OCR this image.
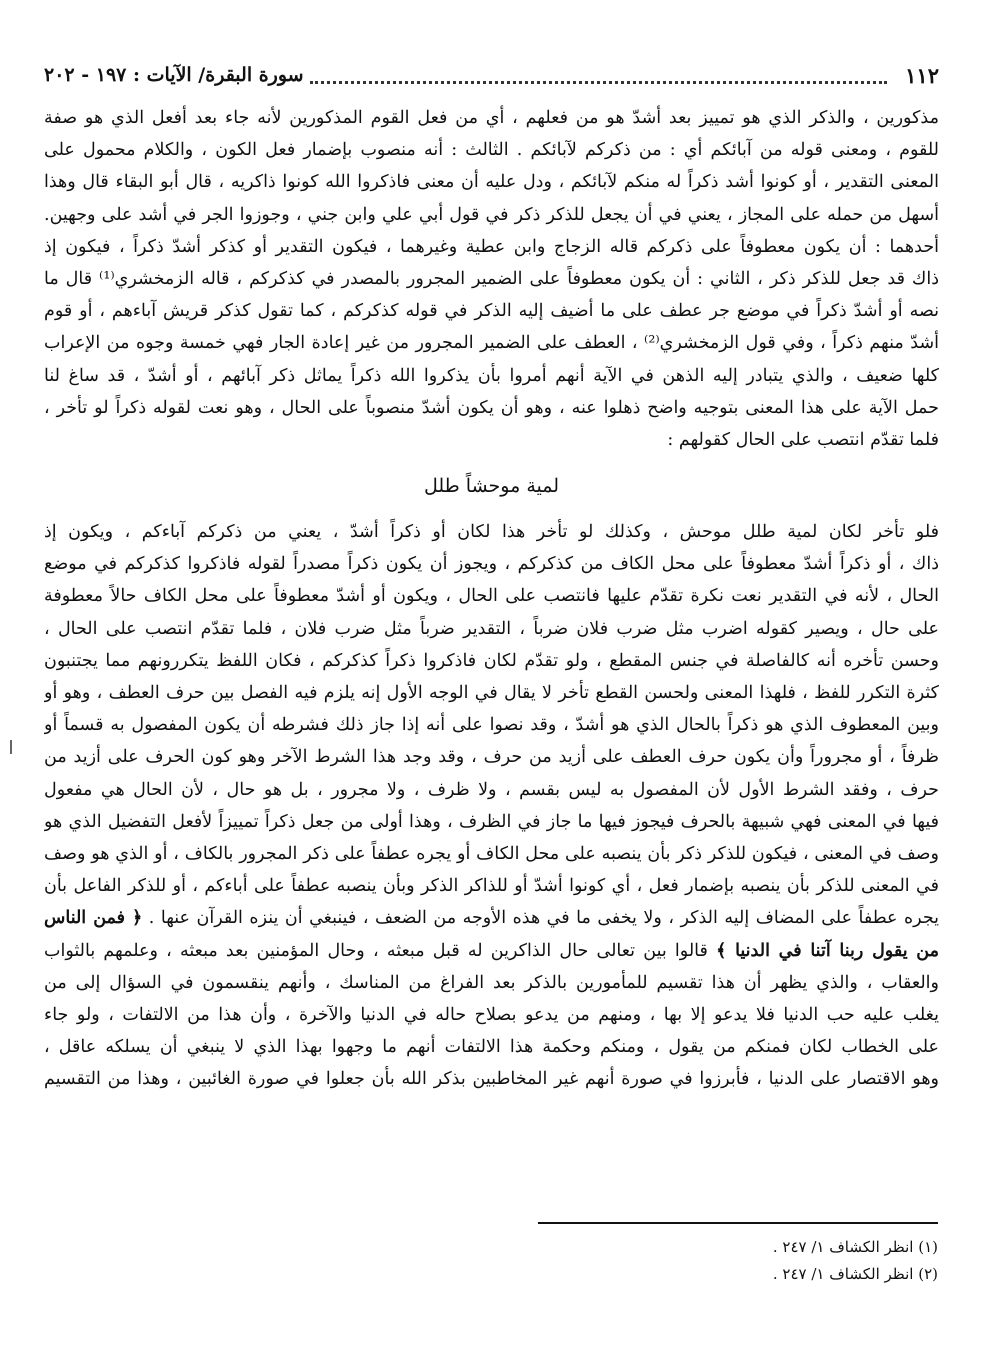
١١٢
سورة البقرة/ الآيات : ١٩٧ - ٢٠٢
مذكورين ، والذكر الذي هو تمييز بعد أشدّ هو من فعلهم ، أي من فعل القوم المذكورين لأنه جاء بعد أفعل الذي هو صفة
للقوم ، ومعنى قوله من آبائكم أي : من ذكركم لآبائكم . الثالث : أنه منصوب بإضمار فعل الكون ، والكلام محمول على
المعنى التقدير ، أو كونوا أشد ذكراً له منكم لآبائكم ، ودل عليه أن معنى فاذكروا الله كونوا ذاكريه ، قال أبو البقاء قال وهذا
أسهل من حمله على المجاز ، يعني في أن يجعل للذكر ذكر في قول أبي علي وابن جني ، وجوزوا الجر في أشد على وجهين.
أحدهما : أن يكون معطوفاً على ذكركم قاله الزجاج وابن عطية وغيرهما ، فيكون التقدير أو كذكر أشدّ ذكراً ، فيكون إذ
ذاك قد جعل للذكر ذكر ، الثاني : أن يكون معطوفاً على الضمير المجرور بالمصدر في كذكركم ، قاله الزمخشري⁽¹⁾ قال ما
نصه أو أشدّ ذكراً في موضع جر عطف على ما أضيف إليه الذكر في قوله كذكركم ، كما تقول كذكر قريش آباءهم ، أو قوم
أشدّ منهم ذكراً ، وفي قول الزمخشري⁽²⁾ ، العطف على الضمير المجرور من غير إعادة الجار فهي خمسة وجوه من الإعراب
كلها ضعيف ، والذي يتبادر إليه الذهن في الآية أنهم أمروا بأن يذكروا الله ذكراً يماثل ذكر آبائهم ، أو أشدّ ، قد ساغ لنا
حمل الآية على هذا المعنى بتوجيه واضح ذهلوا عنه ، وهو أن يكون أشدّ منصوباً على الحال ، وهو نعت لقوله ذكراً لو تأخر ،
فلما تقدّم انتصب على الحال كقولهم :
لمية موحشاً طلل
فلو تأخر لكان لمية طلل موحش ، وكذلك لو تأخر هذا لكان أو ذكراً أشدّ ، يعني من ذكركم آباءكم ، ويكون إذ
ذاك ، أو ذكراً أشدّ معطوفاً على محل الكاف من كذكركم ، ويجوز أن يكون ذكراً مصدراً لقوله فاذكروا كذكركم في موضع
الحال ، لأنه في التقدير نعت نكرة تقدّم عليها فانتصب على الحال ، ويكون أو أشدّ معطوفاً على محل الكاف حالاً معطوفة
على حال ، ويصير كقوله اضرب مثل ضرب فلان ضرباً ، التقدير ضرباً مثل ضرب فلان ، فلما تقدّم انتصب على الحال ،
وحسن تأخره أنه كالفاصلة في جنس المقطع ، ولو تقدّم لكان فاذكروا ذكراً كذكركم ، فكان اللفظ يتكررونهم مما يجتنبون
كثرة التكرر للفظ ، فلهذا المعنى ولحسن القطع تأخر لا يقال في الوجه الأول إنه يلزم فيه الفصل بين حرف العطف ، وهو أو
وبين المعطوف الذي هو ذكراً بالحال الذي هو أشدّ ، وقد نصوا على أنه إذا جاز ذلك فشرطه أن يكون المفصول به قسماً أو
ظرفاً ، أو مجروراً وأن يكون حرف العطف على أزيد من حرف ، وقد وجد هذا الشرط الآخر وهو كون الحرف على أزيد من
حرف ، وفقد الشرط الأول لأن المفصول به ليس بقسم ، ولا ظرف ، ولا مجرور ، بل هو حال ، لأن الحال هي مفعول
فيها في المعنى فهي شبيهة بالحرف فيجوز فيها ما جاز في الظرف ، وهذا أولى من جعل ذكراً تمييزاً لأفعل التفضيل الذي هو
وصف في المعنى ، فيكون للذكر ذكر بأن ينصبه على محل الكاف أو يجره عطفاً على ذكر المجرور بالكاف ، أو الذي هو وصف
في المعنى للذكر بأن ينصبه بإضمار فعل ، أي كونوا أشدّ أو للذاكر الذكر وبأن ينصبه عطفاً على أباءكم ، أو للذكر الفاعل بأن
يجره عطفاً على المضاف إليه الذكر ، ولا يخفى ما في هذه الأوجه من الضعف ، فينبغي أن ينزه القرآن عنها . ﴿ فمن الناس
من يقول ربنا آتنا في الدنيا ﴾ قالوا بين تعالى حال الذاكرين له قبل مبعثه ، وحال المؤمنين بعد مبعثه ، وعلمهم بالثواب
والعقاب ، والذي يظهر أن هذا تقسيم للمأمورين بالذكر بعد الفراغ من المناسك ، وأنهم ينقسمون في السؤال إلى من
يغلب عليه حب الدنيا فلا يدعو إلا بها ، ومنهم من يدعو بصلاح حاله في الدنيا والآخرة ، وأن هذا من الالتفات ، ولو جاء
على الخطاب لكان فمنكم من يقول ، ومنكم وحكمة هذا الالتفات أنهم ما وجهوا بهذا الذي لا ينبغي أن يسلكه عاقل ،
وهو الاقتصار على الدنيا ، فأبرزوا في صورة أنهم غير المخاطبين بذكر الله بأن جعلوا في صورة الغائبين ، وهذا من التقسيم
(١) انظر الكشاف ١/ ٢٤٧ .
(٢) انظر الكشاف ١/ ٢٤٧ .
